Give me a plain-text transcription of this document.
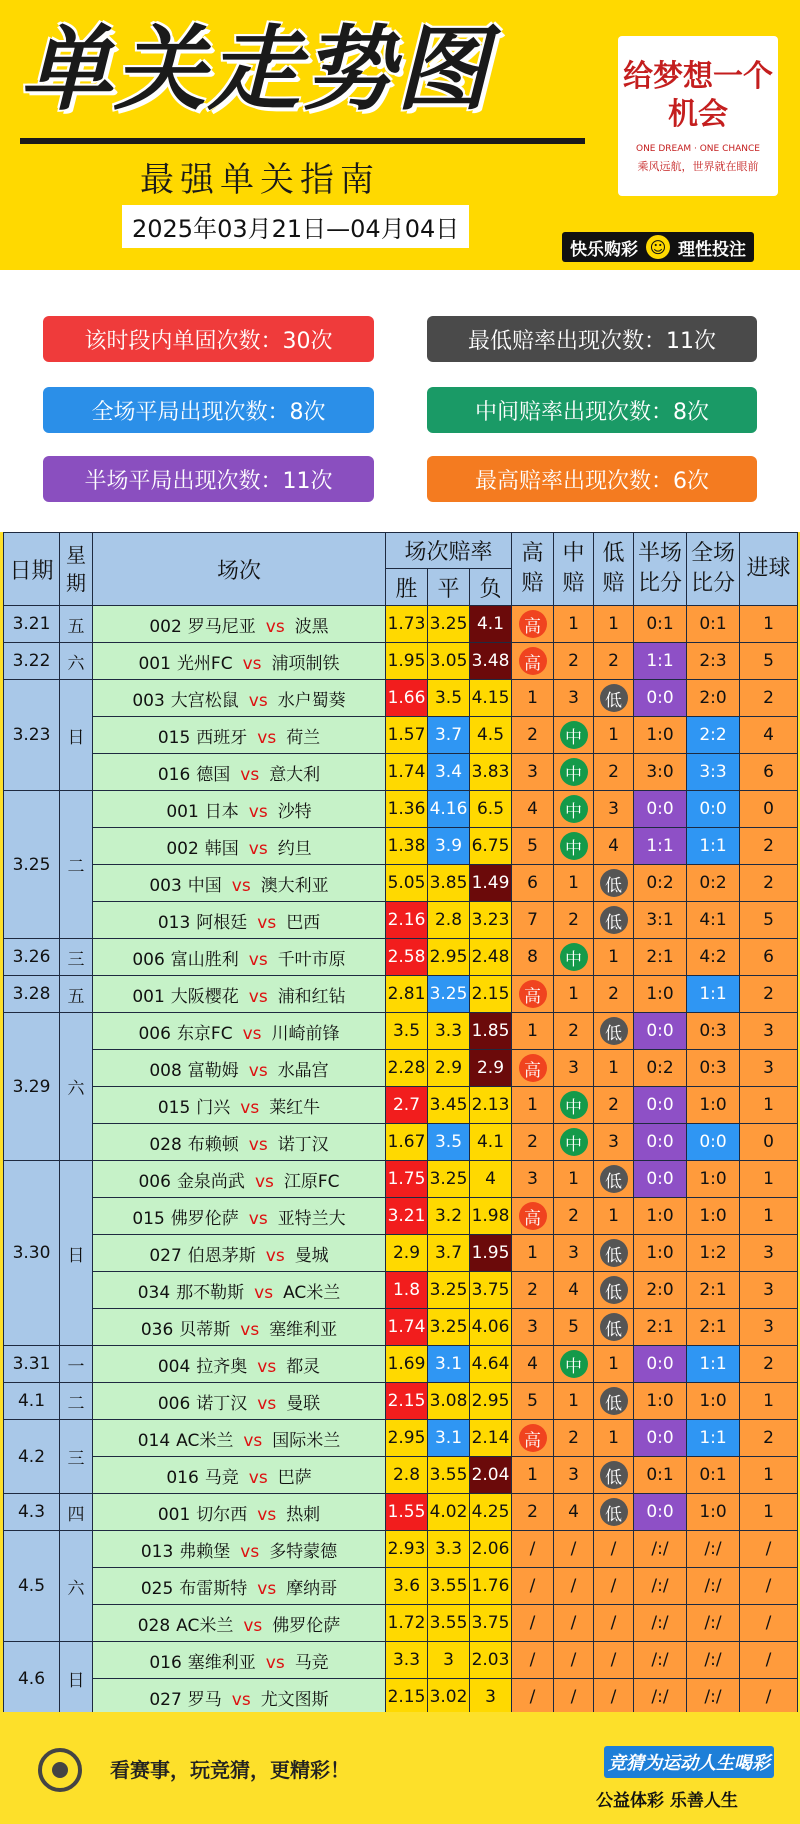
单关走势图
最强单关指南
2025年03月21日—04月04日
给梦想一个机会
ONE DREAM · ONE CHANCE
乘风远航，世界就在眼前
快乐购彩 ☺ 理性投注
该时段内单固次数：30次	最低赔率出现次数：11次
全场平局出现次数：8次	中间赔率出现次数：8次
半场平局出现次数：11次	最高赔率出现次数：6次
日期	星期	场次	场次赔率			高赔	中赔	低赔	半场比分	全场比分	进球
			胜	平	负						
3.21	五	002 罗马尼亚 vs 波黑	1.73	3.25	4.1	高	1	1	0:1	0:1	1
3.22	六	001 光州FC vs 浦项制铁	1.95	3.05	3.48	高	2	2	1:1	2:3	5
3.23	日	003 大宫松鼠 vs 水户蜀葵	1.66	3.5	4.15	1	3	低	0:0	2:0	2
		015 西班牙 vs 荷兰	1.57	3.7	4.5	2	中	1	1:0	2:2	4
		016 德国 vs 意大利	1.74	3.4	3.83	3	中	2	3:0	3:3	6
3.25	二	001 日本 vs 沙特	1.36	4.16	6.5	4	中	3	0:0	0:0	0
		002 韩国 vs 约旦	1.38	3.9	6.75	5	中	4	1:1	1:1	2
		003 中国 vs 澳大利亚	5.05	3.85	1.49	6	1	低	0:2	0:2	2
		013 阿根廷 vs 巴西	2.16	2.8	3.23	7	2	低	3:1	4:1	5
3.26	三	006 富山胜利 vs 千叶市原	2.58	2.95	2.48	8	中	1	2:1	4:2	6
3.28	五	001 大阪樱花 vs 浦和红钻	2.81	3.25	2.15	高	1	2	1:0	1:1	2
3.29	六	006 东京FC vs 川崎前锋	3.5	3.3	1.85	1	2	低	0:0	0:3	3
		008 富勒姆 vs 水晶宫	2.28	2.9	2.9	高	3	1	0:2	0:3	3
		015 门兴 vs 莱红牛	2.7	3.45	2.13	1	中	2	0:0	1:0	1
		028 布赖顿 vs 诺丁汉	1.67	3.5	4.1	2	中	3	0:0	0:0	0
3.30	日	006 金泉尚武 vs 江原FC	1.75	3.25	4	3	1	低	0:0	1:0	1
		015 佛罗伦萨 vs 亚特兰大	3.21	3.2	1.98	高	2	1	1:0	1:0	1
		027 伯恩茅斯 vs 曼城	2.9	3.7	1.95	1	3	低	1:0	1:2	3
		034 那不勒斯 vs AC米兰	1.8	3.25	3.75	2	4	低	2:0	2:1	3
		036 贝蒂斯 vs 塞维利亚	1.74	3.25	4.06	3	5	低	2:1	2:1	3
3.31	一	004 拉齐奥 vs 都灵	1.69	3.1	4.64	4	中	1	0:0	1:1	2
4.1	二	006 诺丁汉 vs 曼联	2.15	3.08	2.95	5	1	低	1:0	1:0	1
4.2	三	014 AC米兰 vs 国际米兰	2.95	3.1	2.14	高	2	1	0:0	1:1	2
		016 马竞 vs 巴萨	2.8	3.55	2.04	1	3	低	0:1	0:1	1
4.3	四	001 切尔西 vs 热刺	1.55	4.02	4.25	2	4	低	0:0	1:0	1
4.5	六	013 弗赖堡 vs 多特蒙德	2.93	3.3	2.06	/	/	/	/:/	/:/	/
		025 布雷斯特 vs 摩纳哥	3.6	3.55	1.76	/	/	/	/:/	/:/	/
		028 AC米兰 vs 佛罗伦萨	1.72	3.55	3.75	/	/	/	/:/	/:/	/
4.6	日	016 塞维利亚 vs 马竞	3.3	3	2.03	/	/	/	/:/	/:/	/
		027 罗马 vs 尤文图斯	2.15	3.02	3	/	/	/	/:/	/:/	/
看赛事，玩竞猜，更精彩！	竞猜为运动人生喝彩
公益体彩 乐善人生
